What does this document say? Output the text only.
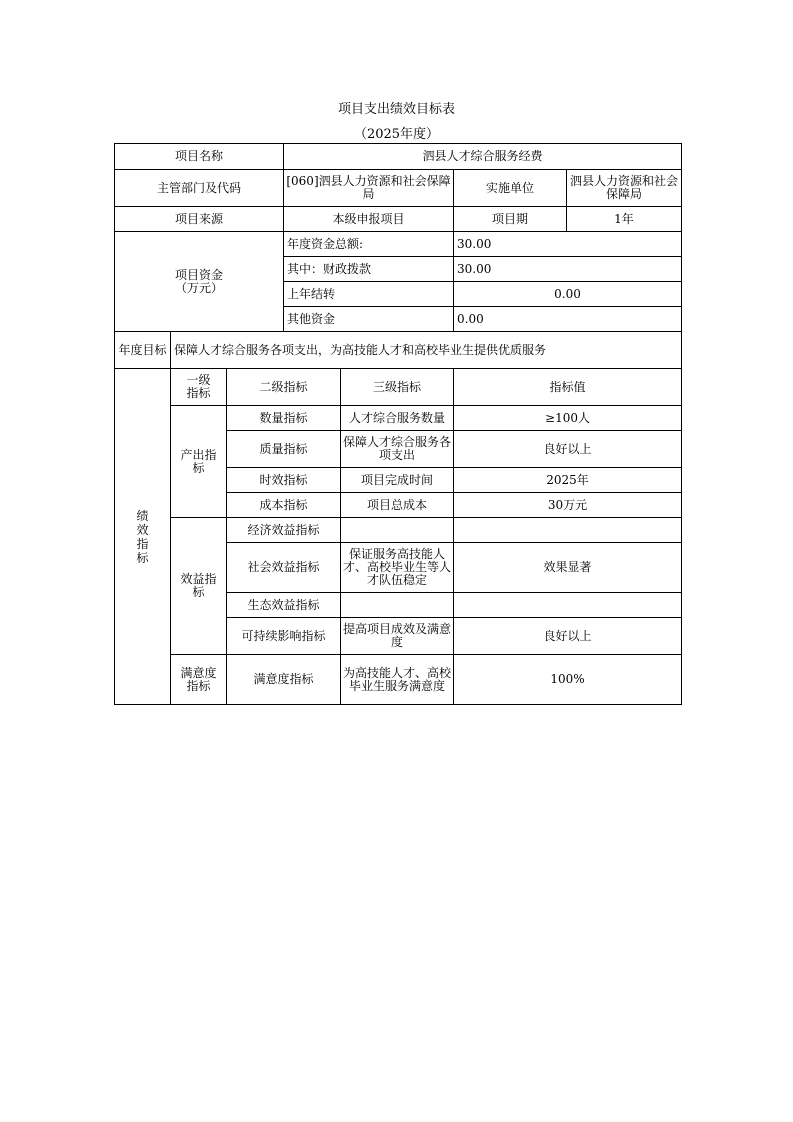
项目支出绩效目标表
（2025年度）
项目名称			泗县人才综合服务经费			
主管部门及代码			[060]泗县人力资源和社会保障局		实施单位	泗县人力资源和社会保障局
项目来源			本级申报项目		项目期	1年

项目资金
（万元）			年度资金总额:		30.00	
			其中：财政拨款		30.00	
			上年结转		0.00	
			其他资金		0.00	
年度目标	保障人才综合服务各项支出，为高技能人才和高校毕业生提供优质服务					

绩效指标	一级指标	二级指标		三级指标	指标值	

	产出指标	数量指标		人才综合服务数量	≥100人	
		质量指标		保障人才综合服务各项支出	良好以上	
		时效指标		项目完成时间	2025年	
		成本指标		项目总成本	30万元	

	效益指标	经济效益指标				
		社会效益指标		保证服务高技能人才、高校毕业生等人才队伍稳定	效果显著	
		生态效益指标				
		可持续影响指标		提高项目成效及满意度	良好以上	

	满意度指标	满意度指标		为高技能人才、高校毕业生服务满意度	100%	
